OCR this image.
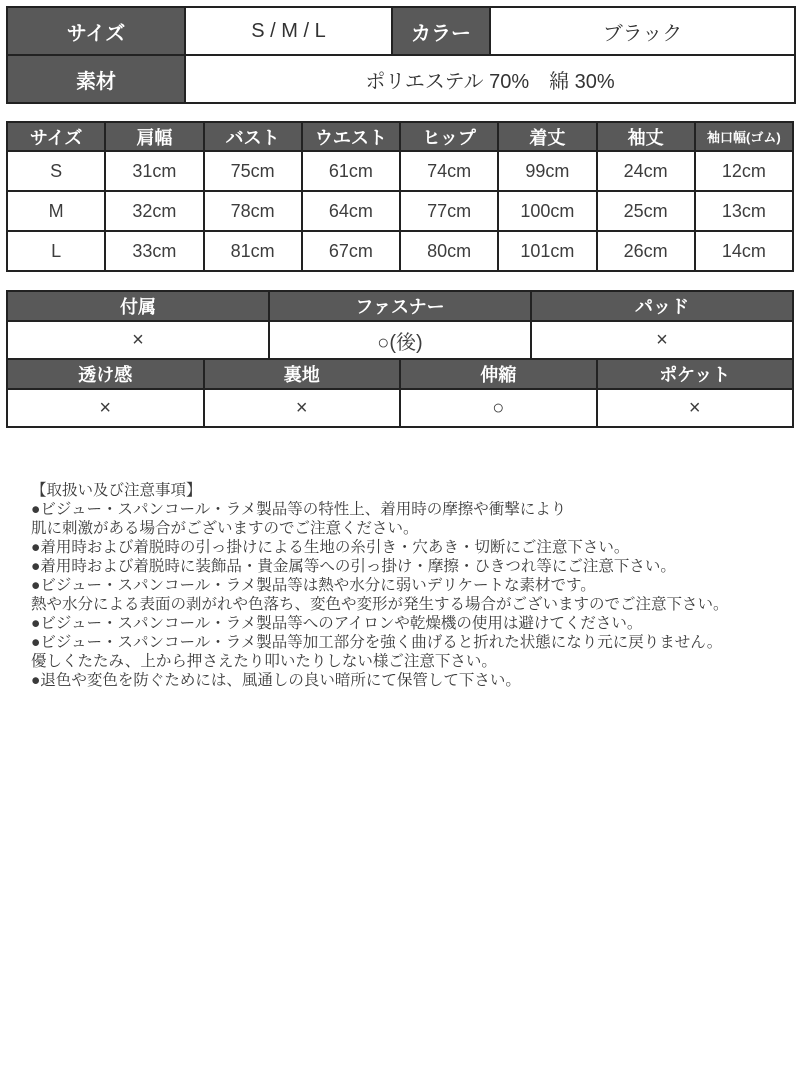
サイズ	S / M / L	カラー	ブラック
素材	ポリエステル 70%　綿 30%		
サイズ	肩幅	バスト	ウエスト	ヒップ	着丈	袖丈	袖口幅(ゴム)
S	31cm	75cm	61cm	74cm	99cm	24cm	12cm
M	32cm	78cm	64cm	77cm	100cm	25cm	13cm
L	33cm	81cm	67cm	80cm	101cm	26cm	14cm
付属	ファスナー	パッド
×	○(後)	×
透け感	裏地	伸縮	ポケット
×	×	○	×
【取扱い及び注意事項】
●ビジュー・スパンコール・ラメ製品等の特性上、着用時の摩擦や衝撃により
肌に刺激がある場合がございますのでご注意ください。
●着用時および着脱時の引っ掛けによる生地の糸引き・穴あき・切断にご注意下さい。
●着用時および着脱時に装飾品・貴金属等への引っ掛け・摩擦・ひきつれ等にご注意下さい。
●ビジュー・スパンコール・ラメ製品等は熱や水分に弱いデリケートな素材です。
熱や水分による表面の剥がれや色落ち、変色や変形が発生する場合がございますのでご注意下さい。
●ビジュー・スパンコール・ラメ製品等へのアイロンや乾燥機の使用は避けてください。
●ビジュー・スパンコール・ラメ製品等加工部分を強く曲げると折れた状態になり元に戻りません。
優しくたたみ、上から押さえたり叩いたりしない様ご注意下さい。
●退色や変色を防ぐためには、風通しの良い暗所にて保管して下さい。
